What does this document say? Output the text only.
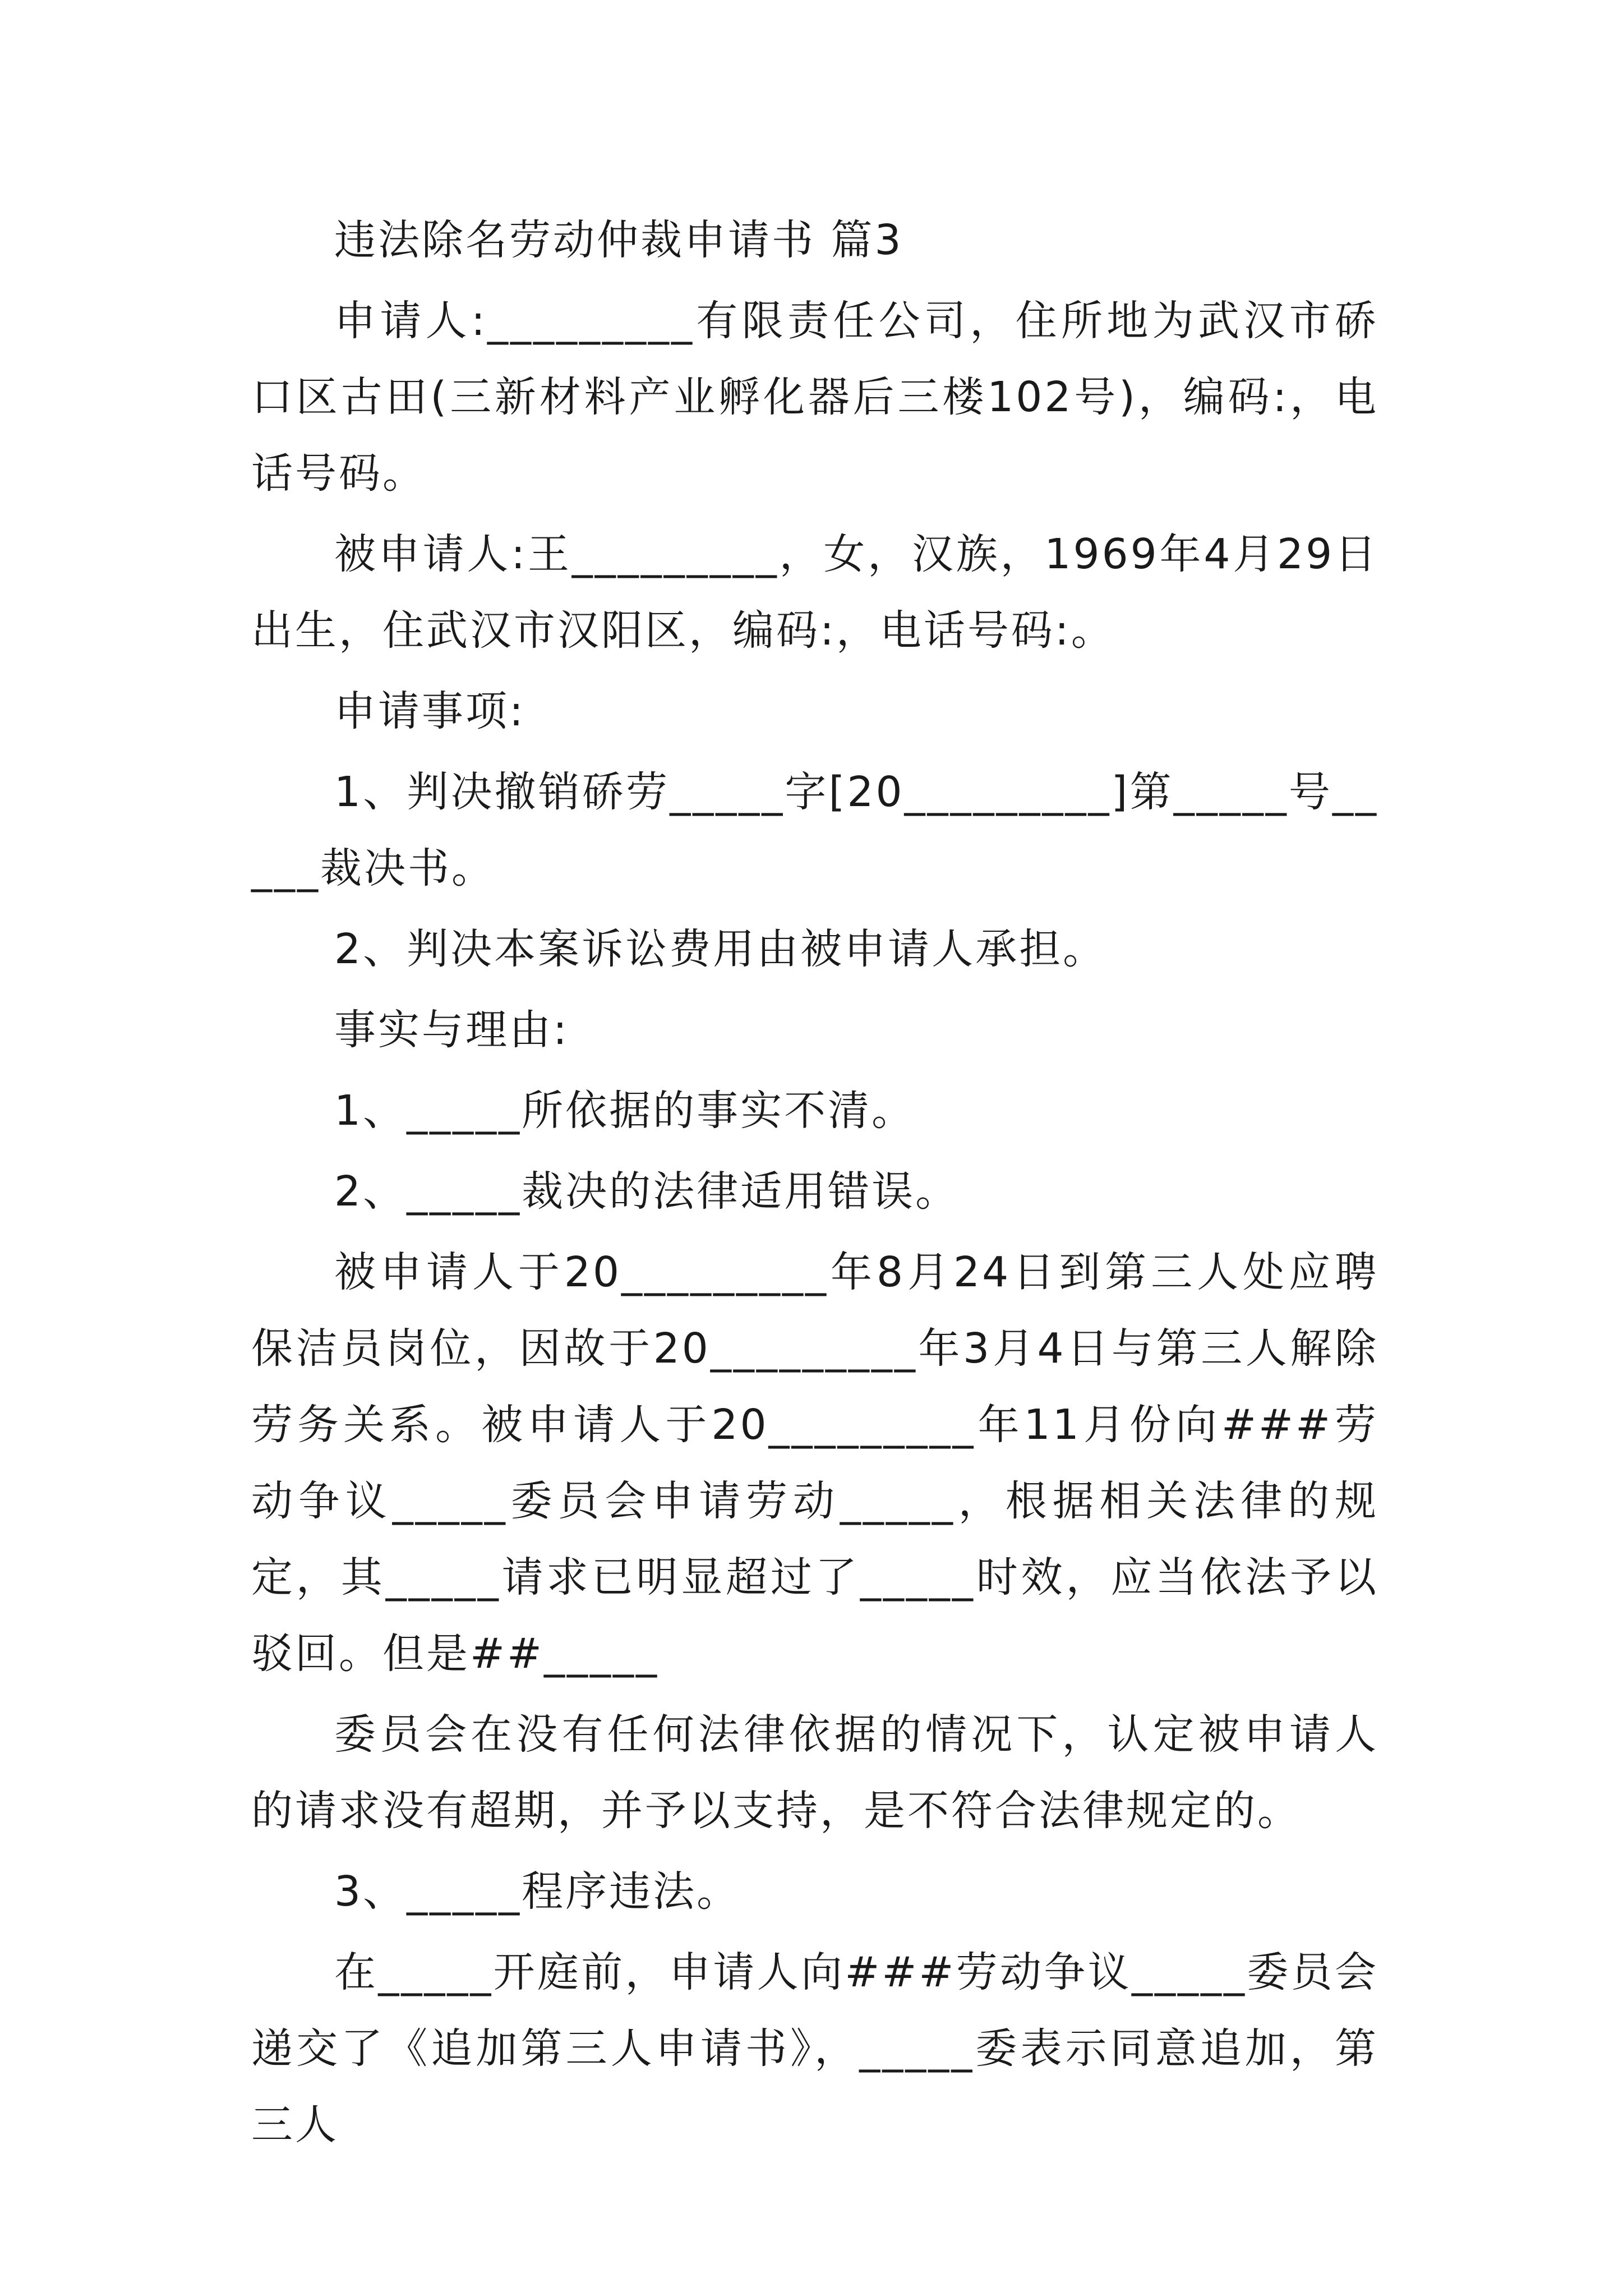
违法除名劳动仲裁申请书 篇3

申请人:_________有限责任公司，住所地为武汉市硚口区古田(三新材料产业孵化器后三楼102号)，编码:，电话号码。

被申请人:王_________，女，汉族，1969年4月29日出生，住武汉市汉阳区，编码:，电话号码:。

申请事项:

1、判决撤销硚劳_____字[20_________]第_____号_____裁决书。

2、判决本案诉讼费用由被申请人承担。

事实与理由:

1、_____所依据的事实不清。

2、_____裁决的法律适用错误。

被申请人于20_________年8月24日到第三人处应聘保洁员岗位，因故于20_________年3月4日与第三人解除劳务关系。被申请人于20_________年11月份向###劳动争议_____委员会申请劳动_____，根据相关法律的规定，其_____请求已明显超过了_____时效，应当依法予以驳回。但是##_____

委员会在没有任何法律依据的情况下，认定被申请人的请求没有超期，并予以支持，是不符合法律规定的。

3、_____程序违法。

在_____开庭前，申请人向###劳动争议_____委员会递交了《追加第三人申请书》，_____委表示同意追加，第三人
